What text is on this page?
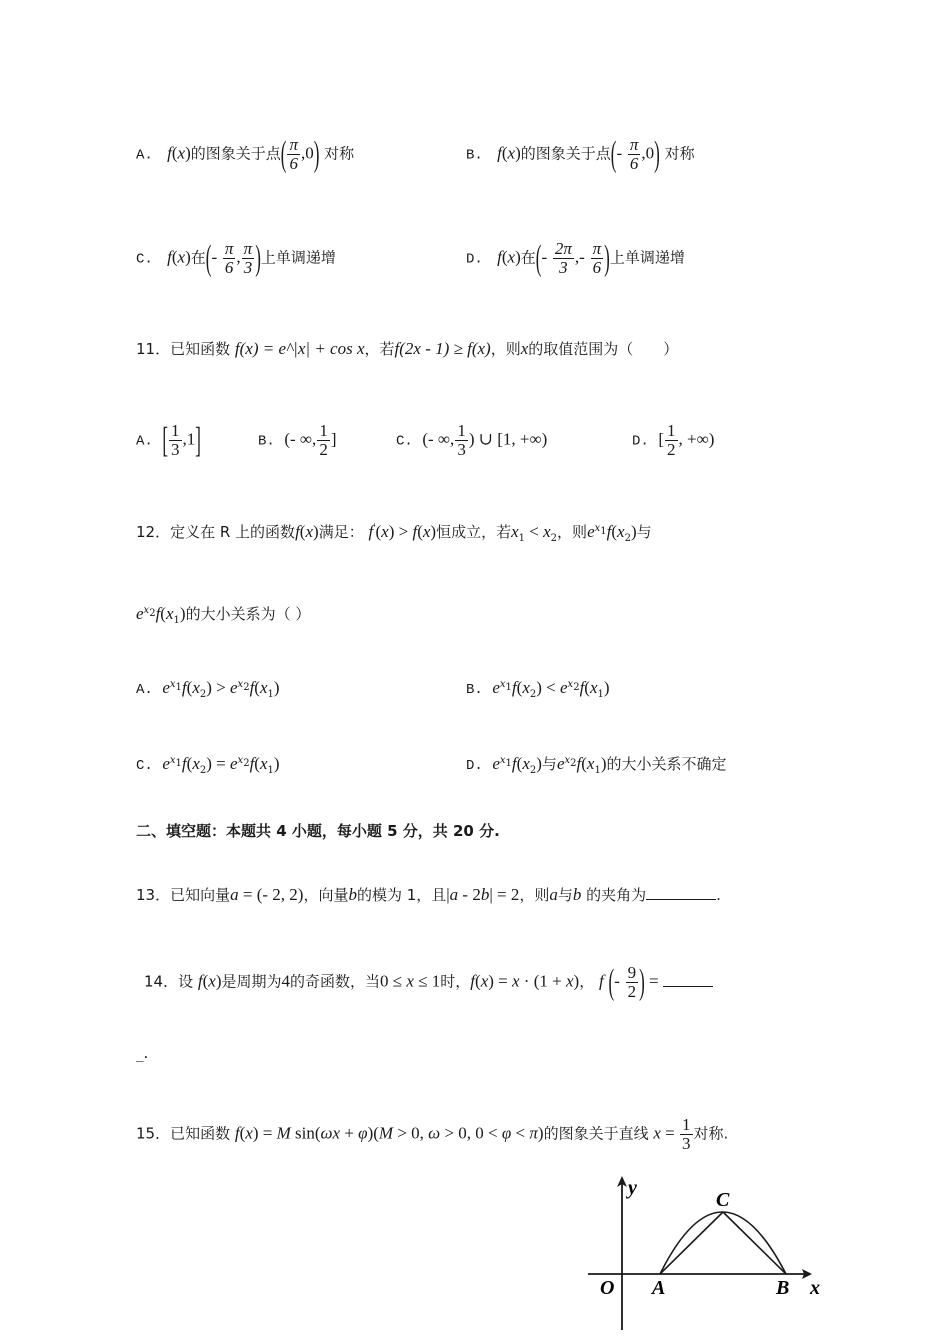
A. f(x)的图象关于点( $\frac{\pi}{6} ,0$) 对称	B. f(x)的图象关于点(- $\frac{\pi}{6} ,0$) 对称
C. f(x)在(- $\frac{\pi}{6}$ , $\frac{\pi}{3}$ )上单调递增	D. f(x)在(- $\frac{2\pi}{3}$ ,- $\frac{\pi}{6}$ )上单调递增
11．已知函数 f(x) = e^|x| + cos x，若f(2x - 1) ≥ f(x)，则x的取值范围为（　　）
A. [ $\frac{1}{3} ,1$]	B. (- ∞, $\frac{1}{2}$ ]	C. (- ∞, $\frac{1}{3}$ ) ∪ [1, +∞)	D. [ $\frac{1}{2}$ , +∞)
12．定义在 R 上的函数f(x)满足： f′(x) > f(x)恒成立，若$x_1 < x_2$，则$e^{x_1}f(x_2)$与
$e^{x_2}f(x_1)$的大小关系为（ ）
A. $e^{x_1}f(x_2) > e^{x_2}f(x_1)$	B. $e^{x_1}f(x_2) < e^{x_2}f(x_1)$
C. $e^{x_1}f(x_2) = e^{x_2}f(x_1)$	D. $e^{x_1}f(x_2)$与$e^{x_2}f(x_1)$的大小关系不确定
二、填空题：本题共 4 小题，每小题 5 分，共 20 分.
13．已知向量a = (- 2, 2)，向量b的模为 1，且|a - 2b| = 2，则a与b 的夹角为	.
14．设 f(x)是周期为4的奇函数，当0 ≤ x ≤ 1时，f(x) = x · (1 + x)， f (- $\frac{9}{2}$ ) =
_.
15．已知函数 f(x) = M sin(ωx + φ)(M > 0, ω > 0, 0 < φ < π)的图象关于直线 $x = \frac{1}{3}$ 对称.
y
x
O A	B
C
